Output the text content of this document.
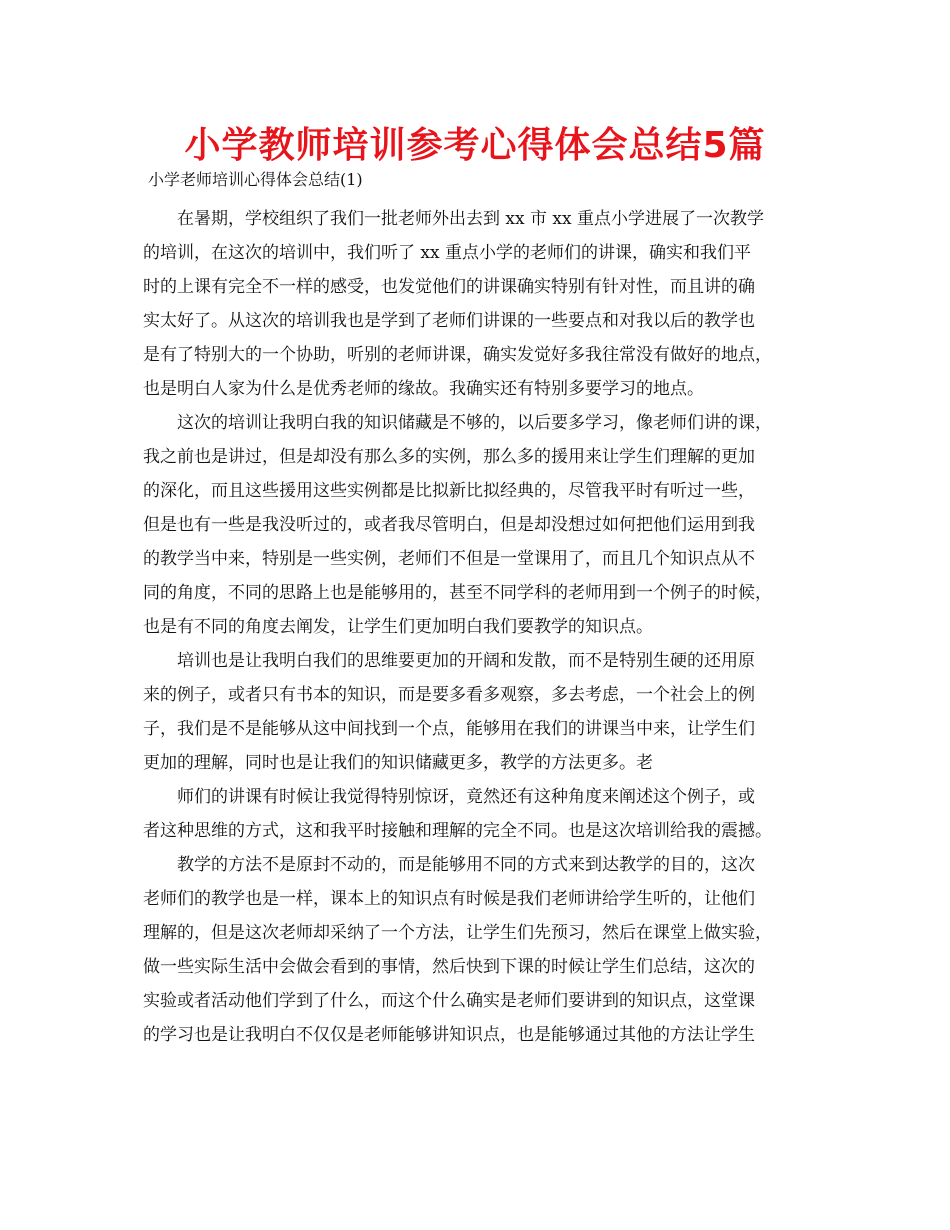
小学教师培训参考心得体会总结5篇
小学老师培训心得体会总结(1)

在暑期，学校组织了我们一批老师外出去到 xx 市 xx 重点小学进展了一次教学
的培训，在这次的培训中，我们听了 xx 重点小学的老师们的讲课，确实和我们平
时的上课有完全不一样的感受，也发觉他们的讲课确实特别有针对性，而且讲的确
实太好了。从这次的培训我也是学到了老师们讲课的一些要点和对我以后的教学也
是有了特别大的一个协助，听别的老师讲课，确实发觉好多我往常没有做好的地点，
也是明白人家为什么是优秀老师的缘故。我确实还有特别多要学习的地点。

这次的培训让我明白我的知识储藏是不够的，以后要多学习，像老师们讲的课，
我之前也是讲过，但是却没有那么多的实例，那么多的援用来让学生们理解的更加
的深化，而且这些援用这些实例都是比拟新比拟经典的，尽管我平时有听过一些，
但是也有一些是我没听过的，或者我尽管明白，但是却没想过如何把他们运用到我
的教学当中来，特别是一些实例，老师们不但是一堂课用了，而且几个知识点从不
同的角度，不同的思路上也是能够用的，甚至不同学科的老师用到一个例子的时候，
也是有不同的角度去阐发，让学生们更加明白我们要教学的知识点。

培训也是让我明白我们的思维要更加的开阔和发散，而不是特别生硬的还用原
来的例子，或者只有书本的知识，而是要多看多观察，多去考虑，一个社会上的例
子，我们是不是能够从这中间找到一个点，能够用在我们的讲课当中来，让学生们
更加的理解，同时也是让我们的知识储藏更多，教学的方法更多。老

师们的讲课有时候让我觉得特别惊讶，竟然还有这种角度来阐述这个例子，或
者这种思维的方式，这和我平时接触和理解的完全不同。也是这次培训给我的震撼。

教学的方法不是原封不动的，而是能够用不同的方式来到达教学的目的，这次
老师们的教学也是一样，课本上的知识点有时候是我们老师讲给学生听的，让他们
理解的，但是这次老师却采纳了一个方法，让学生们先预习，然后在课堂上做实验，
做一些实际生活中会做会看到的事情，然后快到下课的时候让学生们总结，这次的
实验或者活动他们学到了什么，而这个什么确实是老师们要讲到的知识点，这堂课
的学习也是让我明白不仅仅是老师能够讲知识点，也是能够通过其他的方法让学生
